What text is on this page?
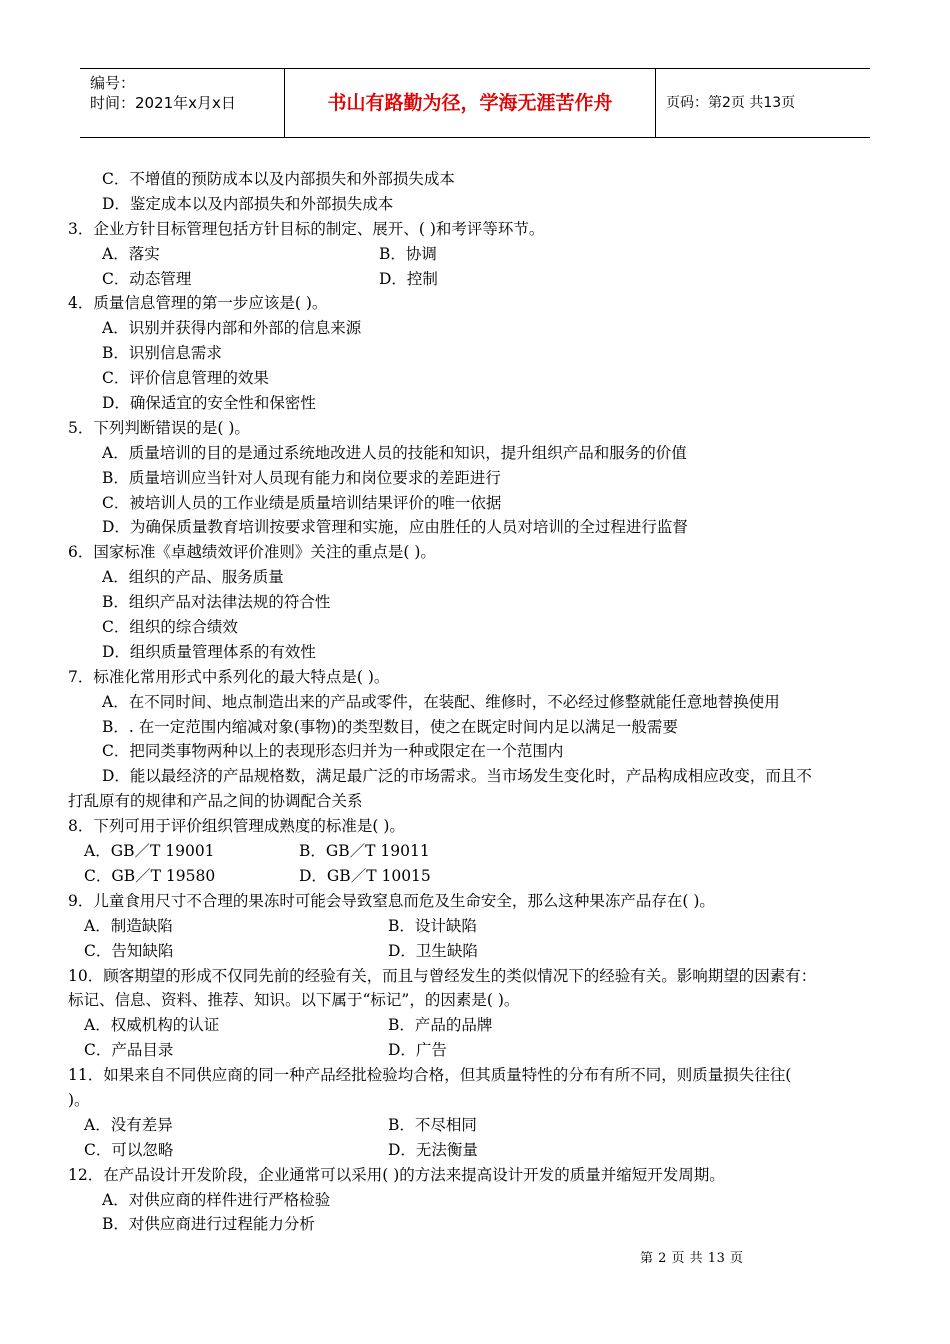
编号：
时间：2021年x月x日	书山有路勤为径，学海无涯苦作舟	页码：第2页 共13页
C．不增值的预防成本以及内部损失和外部损失成本
D．鉴定成本以及内部损失和外部损失成本
3．企业方针目标管理包括方针目标的制定、展开、( )和考评等环节。
A．落实	B．协调
C．动态管理	D．控制
4．质量信息管理的第一步应该是( )。
A．识别并获得内部和外部的信息来源
B．识别信息需求
C．评价信息管理的效果
D．确保适宜的安全性和保密性
5．下列判断错误的是( )。
A．质量培训的目的是通过系统地改进人员的技能和知识，提升组织产品和服务的价值
B．质量培训应当针对人员现有能力和岗位要求的差距进行
C．被培训人员的工作业绩是质量培训结果评价的唯一依据
D．为确保质量教育培训按要求管理和实施，应由胜任的人员对培训的全过程进行监督
6．国家标准《卓越绩效评价准则》关注的重点是( )。
A．组织的产品、服务质量
B．组织产品对法律法规的符合性
C．组织的综合绩效
D．组织质量管理体系的有效性
7．标准化常用形式中系列化的最大特点是( )。
A．在不同时间、地点制造出来的产品或零件，在装配、维修时，不必经过修整就能任意地替换使用
B．. 在一定范围内缩减对象(事物)的类型数目，使之在既定时间内足以满足一般需要
C．把同类事物两种以上的表现形态归并为一种或限定在一个范围内
D．能以最经济的产品规格数，满足最广泛的市场需求。当市场发生变化时，产品构成相应改变，而且不
打乱原有的规律和产品之间的协调配合关系
8．下列可用于评价组织管理成熟度的标准是( )。
A．GB／T 19001	B．GB／T 19011
C．GB／T 19580	D．GB／T 10015
9．儿童食用尺寸不合理的果冻时可能会导致窒息而危及生命安全，那么这种果冻产品存在( )。
A．制造缺陷	B．设计缺陷
C．告知缺陷	D．卫生缺陷
10．顾客期望的形成不仅同先前的经验有关，而且与曾经发生的类似情况下的经验有关。影响期望的因素有：
标记、信息、资料、推荐、知识。以下属于“标记”，的因素是( )。
A．权威机构的认证	B．产品的品牌
C．产品目录	D．广告
11．如果来自不同供应商的同一种产品经批检验均合格，但其质量特性的分布有所不同，则质量损失往往(
)。
A．没有差异	B．不尽相同
C．可以忽略	D．无法衡量
12．在产品设计开发阶段，企业通常可以采用( )的方法来提高设计开发的质量并缩短开发周期。
A．对供应商的样件进行严格检验
B．对供应商进行过程能力分析
第 2 页 共 13 页
